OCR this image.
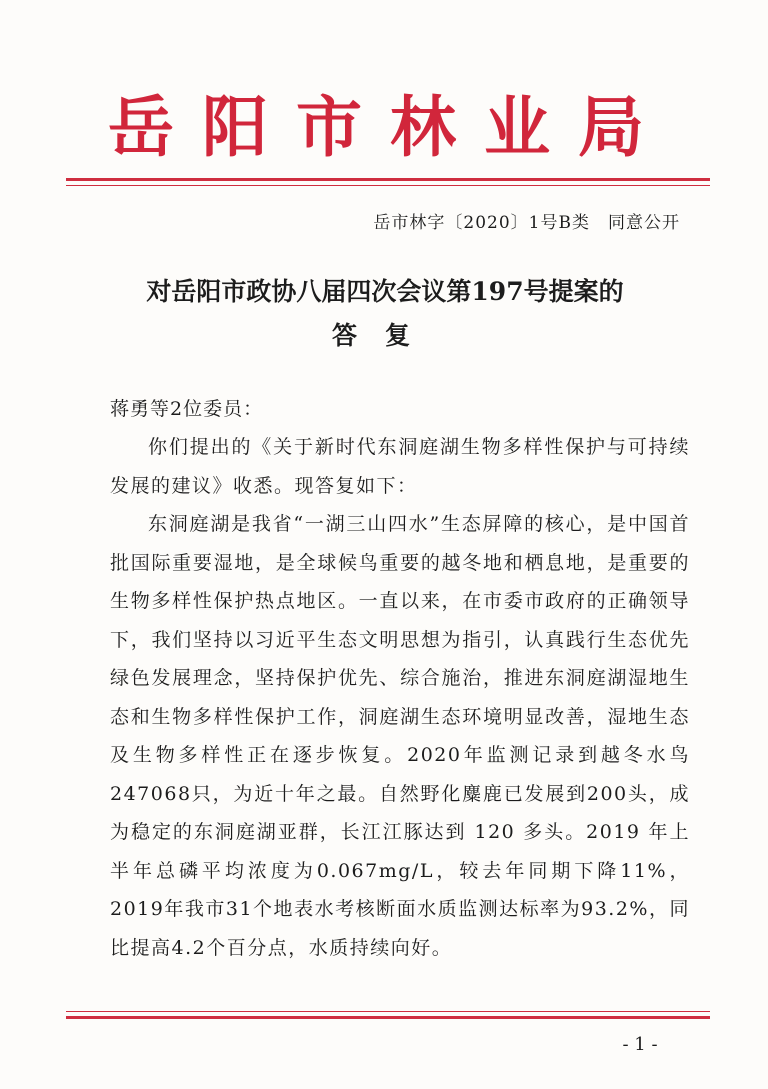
岳阳市林业局
岳市林字〔2020〕1号B类　同意公开
对岳阳市政协八届四次会议第197号提案的
答复
蒋勇等2位委员：

你们提出的《关于新时代东洞庭湖生物多样性保护与可持续发展的建议》收悉。现答复如下：

东洞庭湖是我省“一湖三山四水”生态屏障的核心，是中国首批国际重要湿地，是全球候鸟重要的越冬地和栖息地，是重要的生物多样性保护热点地区。一直以来，在市委市政府的正确领导下，我们坚持以习近平生态文明思想为指引，认真践行生态优先绿色发展理念，坚持保护优先、综合施治，推进东洞庭湖湿地生态和生物多样性保护工作，洞庭湖生态环境明显改善，湿地生态及生物多样性正在逐步恢复。2020年监测记录到越冬水鸟247068只，为近十年之最。自然野化麋鹿已发展到200头，成为稳定的东洞庭湖亚群，长江江豚达到 120 多头。2019 年上半年总磷平均浓度为0.067mg/L，较去年同期下降11%，2019年我市31个地表水考核断面水质监测达标率为93.2%，同比提高4.2个百分点，水质持续向好。

- 1 -
